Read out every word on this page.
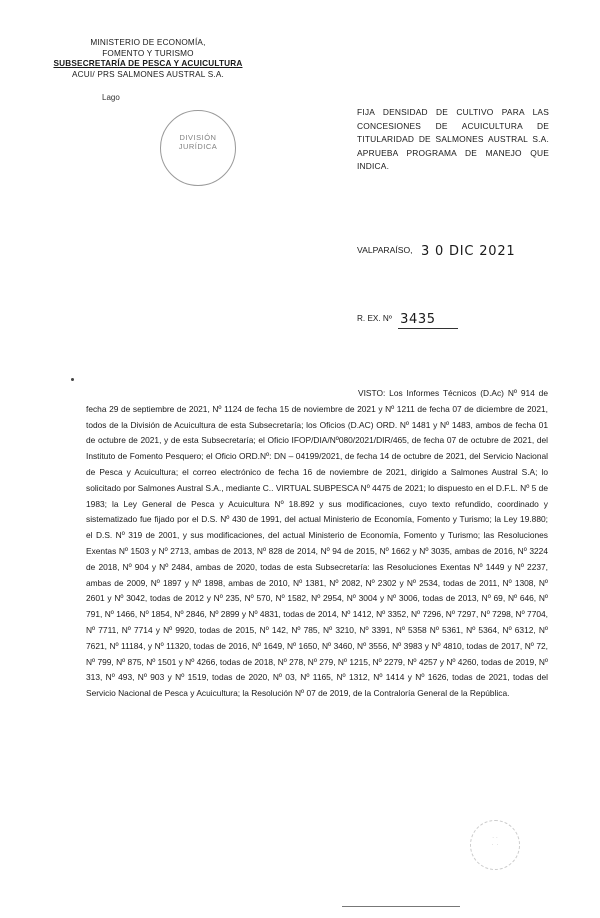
MINISTERIO DE ECONOMÍA,
FOMENTO Y TURISMO
SUBSECRETARÍA DE PESCA Y ACUICULTURA
ACUI/ PRS SALMONES AUSTRAL S.A.
Lago
DIVISIÓN
JURÍDICA
FIJA DENSIDAD DE CULTIVO PARA LAS CONCESIONES DE ACUICULTURA DE TITULARIDAD DE SALMONES AUSTRAL S.A. APRUEBA PROGRAMA DE MANEJO QUE INDICA.
VALPARAÍSO, 3 0 DIC 2021
R. EX. Nº 3435
VISTO: Los Informes Técnicos (D.Ac) Nº 914 de fecha 29 de septiembre de 2021, Nº 1124 de fecha 15 de noviembre de 2021 y Nº 1211 de fecha 07 de diciembre de 2021, todos de la División de Acuicultura de esta Subsecretaría; los Oficios (D.AC) ORD. Nº 1481 y Nº 1483, ambos de fecha 01 de octubre de 2021, y de esta Subsecretaría; el Oficio IFOP/DIA/Nº080/2021/DIR/465, de fecha 07 de octubre de 2021, del Instituto de Fomento Pesquero; el Oficio ORD.Nº: DN – 04199/2021, de fecha 14 de octubre de 2021, del Servicio Nacional de Pesca y Acuicultura; el correo electrónico de fecha 16 de noviembre de 2021, dirigido a Salmones Austral S.A; lo solicitado por Salmones Austral S.A., mediante C.. VIRTUAL SUBPESCA Nº 4475 de 2021; lo dispuesto en el D.F.L. Nº 5 de 1983; la Ley General de Pesca y Acuicultura Nº 18.892 y sus modificaciones, cuyo texto refundido, coordinado y sistematizado fue fijado por el D.S. Nº 430 de 1991, del actual Ministerio de Economía, Fomento y Turismo; la Ley 19.880; el D.S. Nº 319 de 2001, y sus modificaciones, del actual Ministerio de Economía, Fomento y Turismo; las Resoluciones Exentas Nº 1503 y Nº 2713, ambas de 2013, Nº 828 de 2014, Nº 94 de 2015, Nº 1662 y Nº 3035, ambas de 2016, Nº 3224 de 2018, Nº 904 y Nº 2484, ambas de 2020, todas de esta Subsecretaría: las Resoluciones Exentas Nº 1449 y Nº 2237, ambas de 2009, Nº 1897 y Nº 1898, ambas de 2010, Nº 1381, Nº 2082, Nº 2302 y Nº 2534, todas de 2011, Nº 1308, Nº 2601 y Nº 3042, todas de 2012 y Nº 235, Nº 570, Nº 1582, Nº 2954, Nº 3004 y Nº 3006, todas de 2013, Nº 69, Nº 646, Nº 791, Nº 1466, Nº 1854, Nº 2846, Nº 2899 y Nº 4831, todas de 2014, Nº 1412, Nº 3352, Nº 7296, Nº 7297, Nº 7298, Nº 7704, Nº 7711, Nº 7714 y Nº 9920, todas de 2015, Nº 142, Nº 785, Nº 3210, Nº 3391, Nº 5358 Nº 5361, Nº 5364, Nº 6312, Nº 7621, Nº 11184, y Nº 11320, todas de 2016, Nº 1649, Nº 1650, Nº 3460, Nº 3556, Nº 3983 y Nº 4810, todas de 2017, Nº 72, Nº 799, Nº 875, Nº 1501 y Nº 4266, todas de 2018, Nº 278, Nº 279, Nº 1215, Nº 2279, Nº 4257 y Nº 4260, todas de 2019, Nº 313, Nº 493, Nº 903 y Nº 1519, todas de 2020, Nº 03, Nº 1165, Nº 1312, Nº 1414 y Nº 1626, todas de 2021, todas del Servicio Nacional de Pesca y Acuicultura; la Resolución Nº 07 de 2019, de la Contraloría General de la República.
· ·
·  ·
